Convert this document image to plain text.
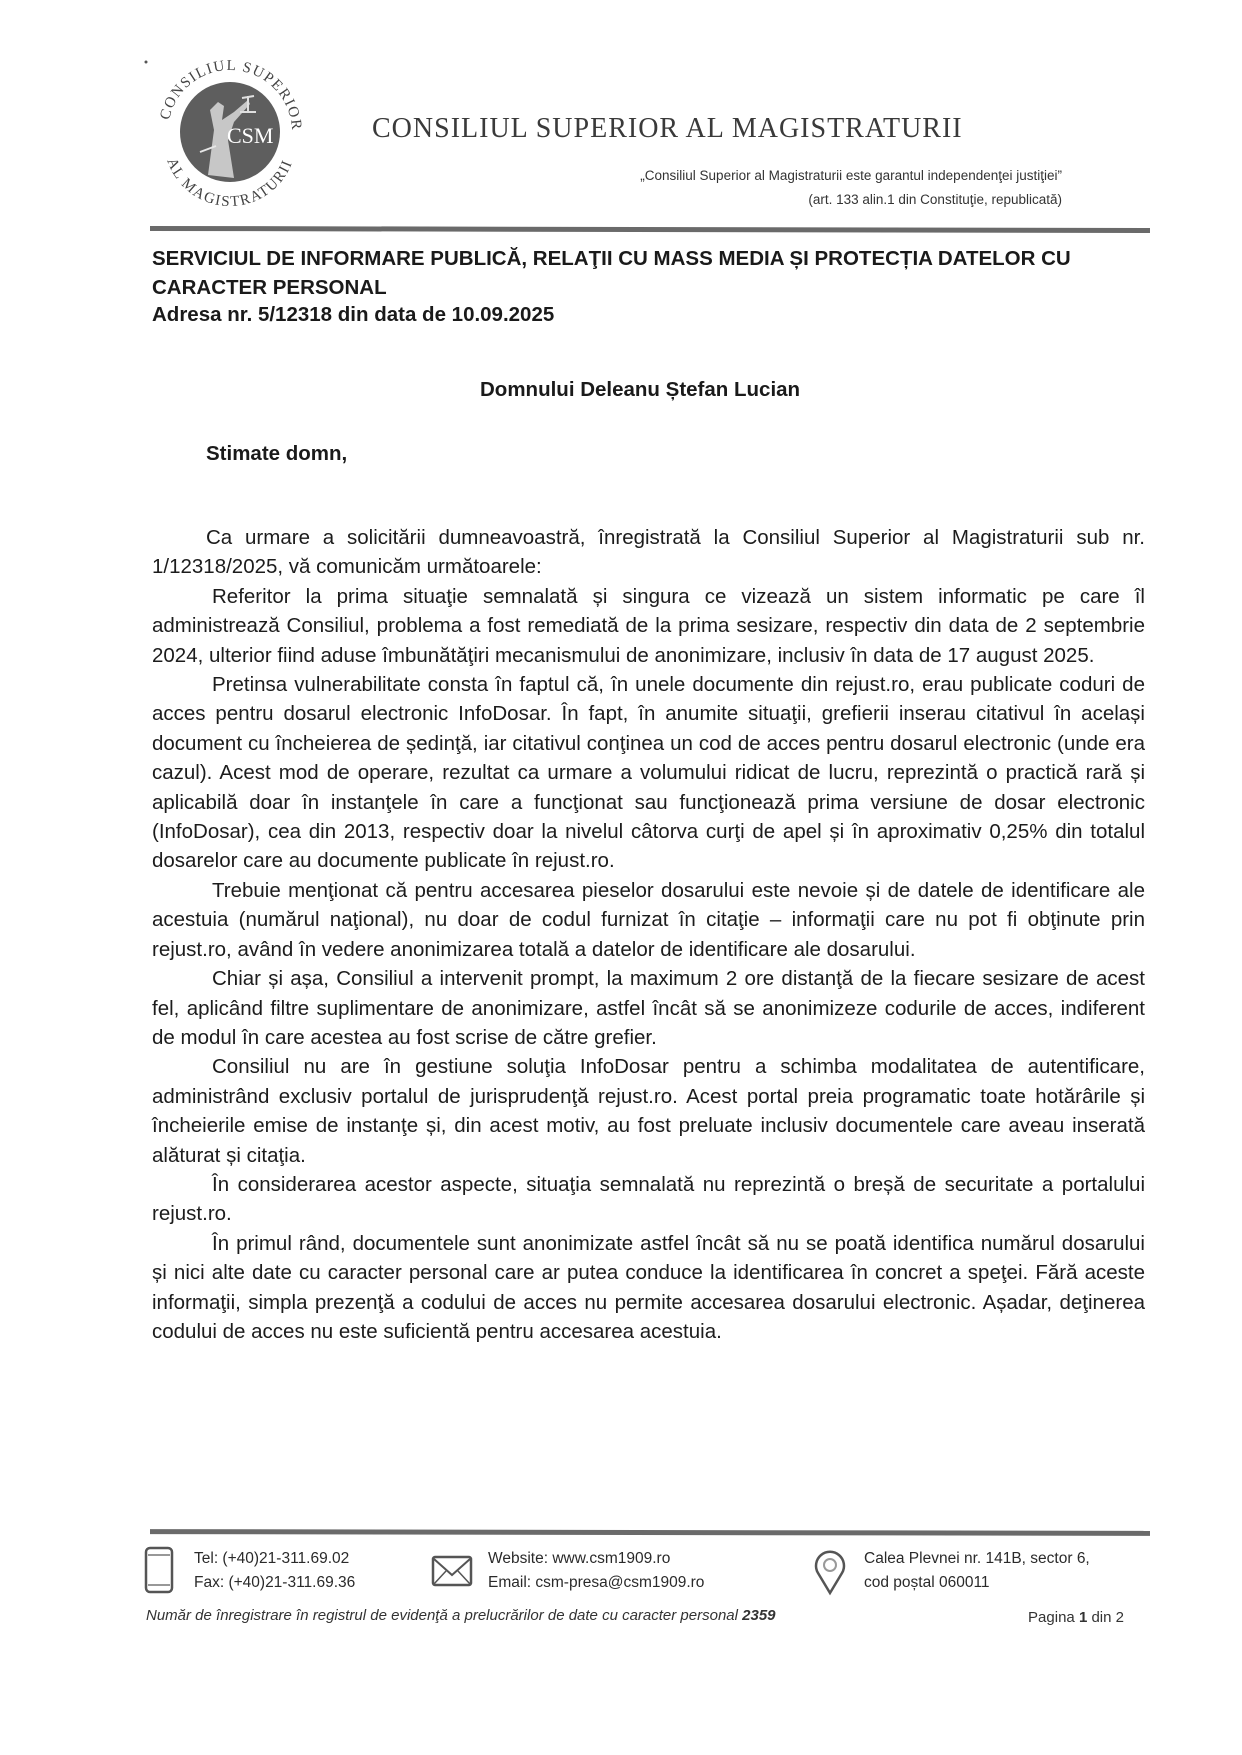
CSM
CONSILIUL SUPERIOR
AL MAGISTRATURII
CONSILIUL SUPERIOR AL MAGISTRATURII
„Consiliul Superior al Magistraturii este garantul independenţei justiţiei”
(art. 133 alin.1 din Constituţie, republicată)
SERVICIUL DE INFORMARE PUBLICĂ, RELAŢII CU MASS MEDIA ȘI PROTECȚIA DATELOR CU CARACTER PERSONAL
Adresa nr. 5/12318 din data de 10.09.2025
Domnului Deleanu Ștefan Lucian
Stimate domn,

Ca urmare a solicitării dumneavoastră, înregistrată la Consiliul Superior al Magistraturii sub nr. 1/12318/2025, vă comunicăm următoarele:

Referitor la prima situaţie semnalată și singura ce vizează un sistem informatic pe care îl administrează Consiliul, problema a fost remediată de la prima sesizare, respectiv din data de 2 septembrie 2024, ulterior fiind aduse îmbunătăţiri mecanismului de anonimizare, inclusiv în data de 17 august 2025.

Pretinsa vulnerabilitate consta în faptul că, în unele documente din rejust.ro, erau publicate coduri de acces pentru dosarul electronic InfoDosar. În fapt, în anumite situaţii, grefierii inserau citativul în același document cu încheierea de ședinţă, iar citativul conţinea un cod de acces pentru dosarul electronic (unde era cazul). Acest mod de operare, rezultat ca urmare a volumului ridicat de lucru, reprezintă o practică rară și aplicabilă doar în instanţele în care a funcţionat sau funcţionează prima versiune de dosar electronic (InfoDosar), cea din 2013, respectiv doar la nivelul câtorva curţi de apel și în aproximativ 0,25% din totalul dosarelor care au documente publicate în rejust.ro.

Trebuie menţionat că pentru accesarea pieselor dosarului este nevoie și de datele de identificare ale acestuia (numărul naţional), nu doar de codul furnizat în citaţie – informaţii care nu pot fi obţinute prin rejust.ro, având în vedere anonimizarea totală a datelor de identificare ale dosarului.

Chiar și așa, Consiliul a intervenit prompt, la maximum 2 ore distanţă de la fiecare sesizare de acest fel, aplicând filtre suplimentare de anonimizare, astfel încât să se anonimizeze codurile de acces, indiferent de modul în care acestea au fost scrise de către grefier.

Consiliul nu are în gestiune soluţia InfoDosar pentru a schimba modalitatea de autentificare, administrând exclusiv portalul de jurisprudenţă rejust.ro. Acest portal preia programatic toate hotărârile și încheierile emise de instanţe și, din acest motiv, au fost preluate inclusiv documentele care aveau inserată alăturat și citaţia.

În considerarea acestor aspecte, situaţia semnalată nu reprezintă o breșă de securitate a portalului rejust.ro.

În primul rând, documentele sunt anonimizate astfel încât să nu se poată identifica numărul dosarului și nici alte date cu caracter personal care ar putea conduce la identificarea în concret a speţei. Fără aceste informaţii, simpla prezenţă a codului de acces nu permite accesarea dosarului electronic. Așadar, deţinerea codului de acces nu este suficientă pentru accesarea acestuia.

Tel: (+40)21-311.69.02
Fax: (+40)21-311.69.36
Website: www.csm1909.ro
Email: csm-presa@csm1909.ro
Calea Plevnei nr. 141B, sector 6,
cod poștal 060011
Număr de înregistrare în registrul de evidenţă a prelucrărilor de date cu caracter personal 2359	Pagina 1 din 2
